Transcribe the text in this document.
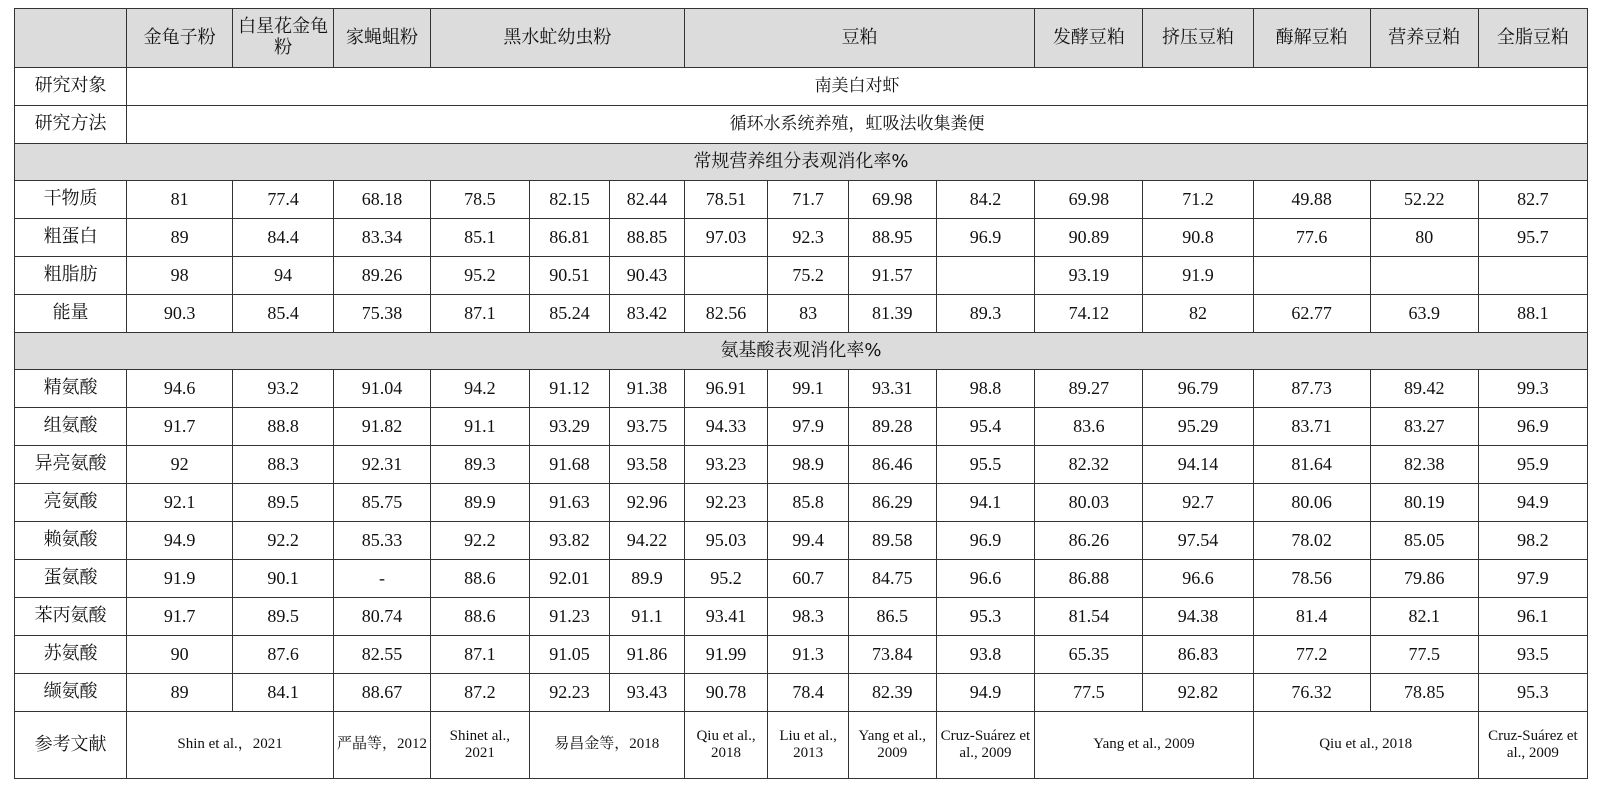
	金龟子粉	白星花金龟粉	家蝇蛆粉	黑水虻幼虫粉			豆粕				发酵豆粕	挤压豆粕	酶解豆粕	营养豆粕	全脂豆粕
研究对象	南美白对虾														
研究方法	循环水系统养殖，虹吸法收集粪便														
常规营养组分表观消化率%															
干物质	81	77.4	68.18	78.5	82.15	82.44	78.51	71.7	69.98	84.2	69.98	71.2	49.88	52.22	82.7
粗蛋白	89	84.4	83.34	85.1	86.81	88.85	97.03	92.3	88.95	96.9	90.89	90.8	77.6	80	95.7
粗脂肪	98	94	89.26	95.2	90.51	90.43		75.2	91.57		93.19	91.9			
能量	90.3	85.4	75.38	87.1	85.24	83.42	82.56	83	81.39	89.3	74.12	82	62.77	63.9	88.1
氨基酸表观消化率%															
精氨酸	94.6	93.2	91.04	94.2	91.12	91.38	96.91	99.1	93.31	98.8	89.27	96.79	87.73	89.42	99.3
组氨酸	91.7	88.8	91.82	91.1	93.29	93.75	94.33	97.9	89.28	95.4	83.6	95.29	83.71	83.27	96.9
异亮氨酸	92	88.3	92.31	89.3	91.68	93.58	93.23	98.9	86.46	95.5	82.32	94.14	81.64	82.38	95.9
亮氨酸	92.1	89.5	85.75	89.9	91.63	92.96	92.23	85.8	86.29	94.1	80.03	92.7	80.06	80.19	94.9
赖氨酸	94.9	92.2	85.33	92.2	93.82	94.22	95.03	99.4	89.58	96.9	86.26	97.54	78.02	85.05	98.2
蛋氨酸	91.9	90.1	-	88.6	92.01	89.9	95.2	60.7	84.75	96.6	86.88	96.6	78.56	79.86	97.9
苯丙氨酸	91.7	89.5	80.74	88.6	91.23	91.1	93.41	98.3	86.5	95.3	81.54	94.38	81.4	82.1	96.1
苏氨酸	90	87.6	82.55	87.1	91.05	91.86	91.99	91.3	73.84	93.8	65.35	86.83	77.2	77.5	93.5
缬氨酸	89	84.1	88.67	87.2	92.23	93.43	90.78	78.4	82.39	94.9	77.5	92.82	76.32	78.85	95.3
参考文献	Shin et al.，2021		严晶等，2012	Shinet al., 2021	易昌金等，2018		Qiu et al., 2018	Liu et al., 2013	Yang et al., 2009	Cruz-Suárez et al., 2009	Yang et al., 2009		Qiu et al., 2018		Cruz-Suárez et al., 2009
